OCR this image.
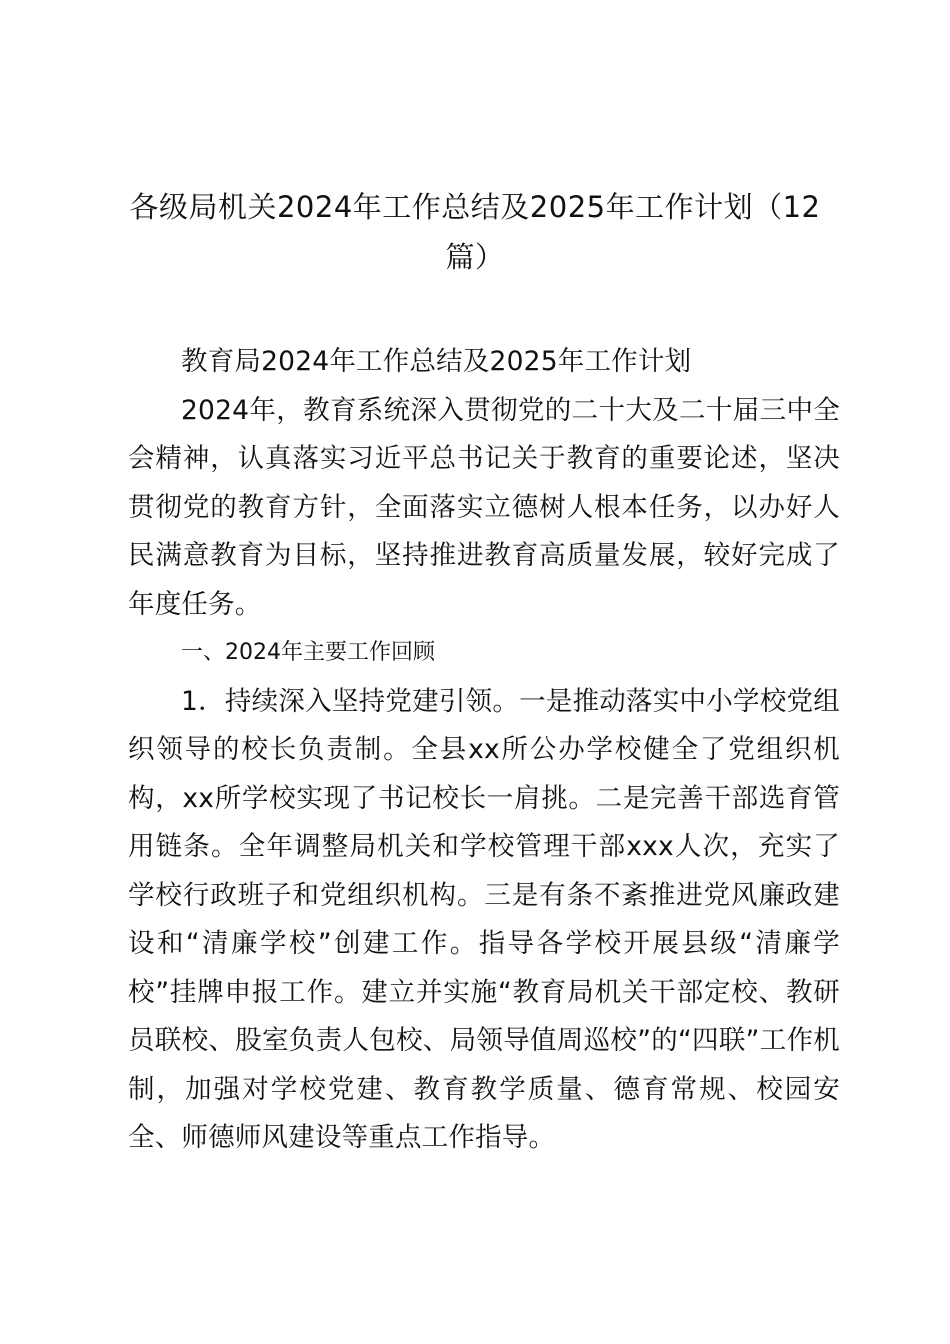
各级局机关2024年工作总结及2025年工作计划（12篇）

教育局2024年工作总结及2025年工作计划

2024年，教育系统深入贯彻党的二十大及二十届三中全会精神，认真落实习近平总书记关于教育的重要论述，坚决贯彻党的教育方针，全面落实立德树人根本任务，以办好人民满意教育为目标，坚持推进教育高质量发展，较好完成了年度任务。

一、2024年主要工作回顾

1．持续深入坚持党建引领。一是推动落实中小学校党组织领导的校长负责制。全县xx所公办学校健全了党组织机构，xx所学校实现了书记校长一肩挑。二是完善干部选育管用链条。全年调整局机关和学校管理干部xxx人次，充实了学校行政班子和党组织机构。三是有条不紊推进党风廉政建设和“清廉学校”创建工作。指导各学校开展县级“清廉学校”挂牌申报工作。建立并实施“教育局机关干部定校、教研员联校、股室负责人包校、局领导值周巡校”的“四联”工作机制，加强对学校党建、教育教学质量、德育常规、校园安全、师德师风建设等重点工作指导。
